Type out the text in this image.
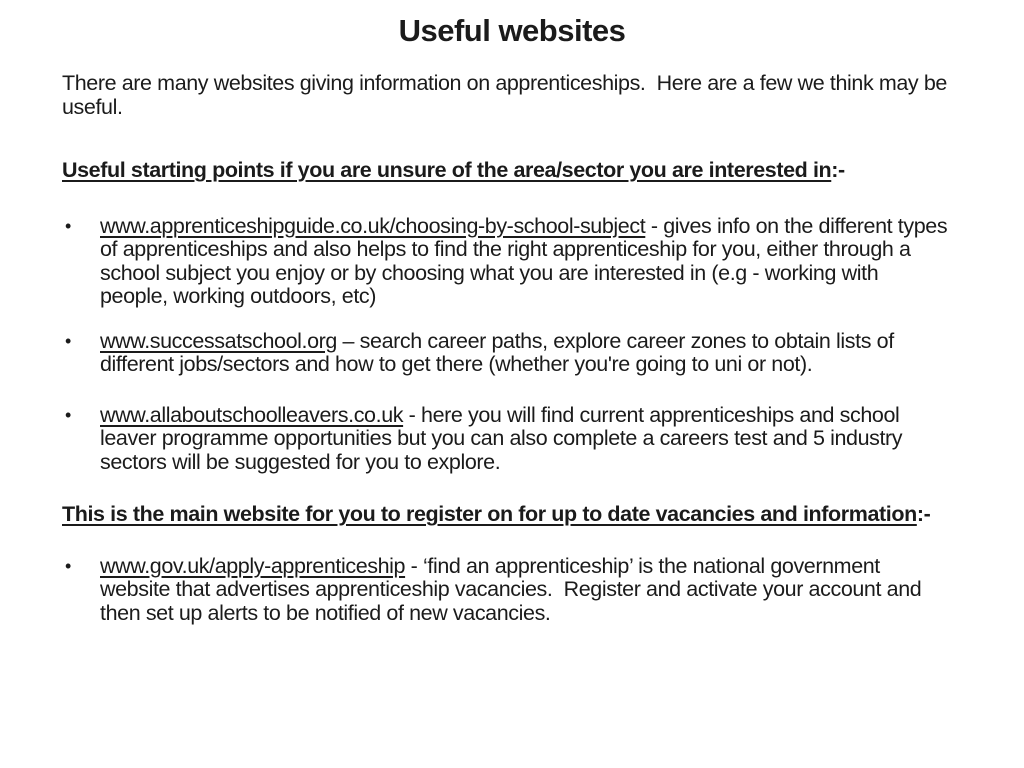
Useful websites

There are many websites giving information on apprenticeships.  Here are a few we think may be useful.

Useful starting points if you are unsure of the area/sector you are interested in:-
•	www.apprenticeshipguide.co.uk/choosing-by-school-subject - gives info on the different types of apprenticeships and also helps to find the right apprenticeship for you, either through a school subject you enjoy or by choosing what you are interested in (e.g - working with people, working outdoors, etc)
•	www.successatschool.org – search career paths, explore career zones to obtain lists of different jobs/sectors and how to get there (whether you're going to uni or not).
•	www.allaboutschoolleavers.co.uk - here you will find current apprenticeships and school leaver programme opportunities but you can also complete a careers test and 5 industry sectors will be suggested for you to explore.
This is the main website for you to register on for up to date vacancies and information:-
•	www.gov.uk/apply-apprenticeship - ‘find an apprenticeship’ is the national government website that advertises apprenticeship vacancies.  Register and activate your account and then set up alerts to be notified of new vacancies.
